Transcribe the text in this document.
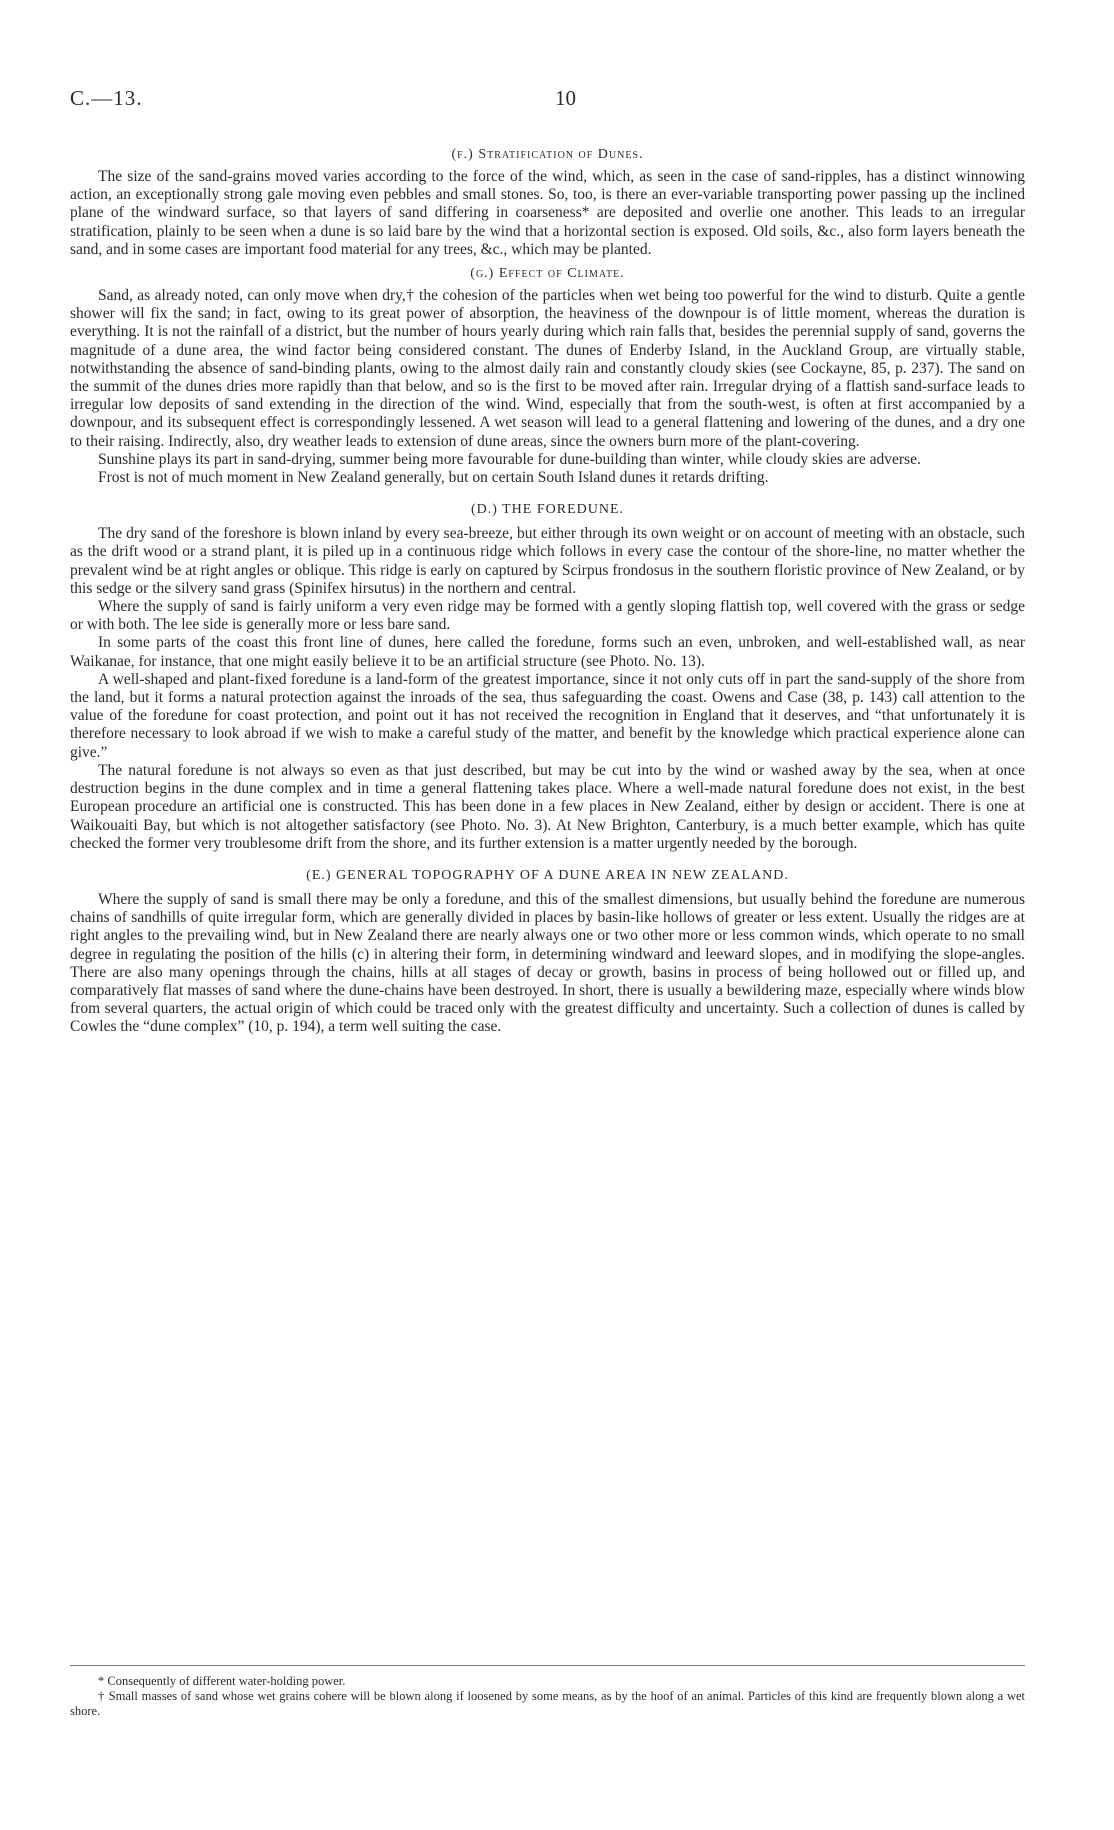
C.—13.	10
(f.) Stratification of Dunes.

The size of the sand-grains moved varies according to the force of the wind, which, as seen in the case of sand-ripples, has a distinct winnowing action, an exceptionally strong gale moving even pebbles and small stones. So, too, is there an ever-variable transporting power passing up the inclined plane of the windward surface, so that layers of sand differing in coarseness* are deposited and overlie one another. This leads to an irregular stratification, plainly to be seen when a dune is so laid bare by the wind that a horizontal section is exposed. Old soils, &c., also form layers beneath the sand, and in some cases are important food material for any trees, &c., which may be planted.

(g.) Effect of Climate.

Sand, as already noted, can only move when dry,† the cohesion of the particles when wet being too powerful for the wind to disturb. Quite a gentle shower will fix the sand; in fact, owing to its great power of absorption, the heaviness of the downpour is of little moment, whereas the duration is everything. It is not the rainfall of a district, but the number of hours yearly during which rain falls that, besides the perennial supply of sand, governs the magnitude of a dune area, the wind factor being considered constant. The dunes of Enderby Island, in the Auckland Group, are virtually stable, notwithstanding the absence of sand-binding plants, owing to the almost daily rain and constantly cloudy skies (see Cockayne, 85, p. 237). The sand on the summit of the dunes dries more rapidly than that below, and so is the first to be moved after rain. Irregular drying of a flattish sand-surface leads to irregular low deposits of sand extending in the direction of the wind. Wind, especially that from the south-west, is often at first accompanied by a downpour, and its subsequent effect is correspondingly lessened. A wet season will lead to a general flattening and lowering of the dunes, and a dry one to their raising. Indirectly, also, dry weather leads to extension of dune areas, since the owners burn more of the plant-covering.

Sunshine plays its part in sand-drying, summer being more favourable for dune-building than winter, while cloudy skies are adverse.

Frost is not of much moment in New Zealand generally, but on certain South Island dunes it retards drifting.

(D.) THE FOREDUNE.

The dry sand of the foreshore is blown inland by every sea-breeze, but either through its own weight or on account of meeting with an obstacle, such as the drift wood or a strand plant, it is piled up in a continuous ridge which follows in every case the contour of the shore-line, no matter whether the prevalent wind be at right angles or oblique. This ridge is early on captured by Scirpus frondosus in the southern floristic province of New Zealand, or by this sedge or the silvery sand grass (Spinifex hirsutus) in the northern and central.

Where the supply of sand is fairly uniform a very even ridge may be formed with a gently sloping flattish top, well covered with the grass or sedge or with both. The lee side is generally more or less bare sand.

In some parts of the coast this front line of dunes, here called the foredune, forms such an even, unbroken, and well-established wall, as near Waikanae, for instance, that one might easily believe it to be an artificial structure (see Photo. No. 13).

A well-shaped and plant-fixed foredune is a land-form of the greatest importance, since it not only cuts off in part the sand-supply of the shore from the land, but it forms a natural protection against the inroads of the sea, thus safeguarding the coast. Owens and Case (38, p. 143) call attention to the value of the foredune for coast protection, and point out it has not received the recognition in England that it deserves, and “that unfortunately it is therefore necessary to look abroad if we wish to make a careful study of the matter, and benefit by the knowledge which practical experience alone can give.”

The natural foredune is not always so even as that just described, but may be cut into by the wind or washed away by the sea, when at once destruction begins in the dune complex and in time a general flattening takes place. Where a well-made natural foredune does not exist, in the best European procedure an artificial one is constructed. This has been done in a few places in New Zealand, either by design or accident. There is one at Waikouaiti Bay, but which is not altogether satisfactory (see Photo. No. 3). At New Brighton, Canterbury, is a much better example, which has quite checked the former very troublesome drift from the shore, and its further extension is a matter urgently needed by the borough.

(E.) GENERAL TOPOGRAPHY OF A DUNE AREA IN NEW ZEALAND.

Where the supply of sand is small there may be only a foredune, and this of the smallest dimensions, but usually behind the foredune are numerous chains of sandhills of quite irregular form, which are generally divided in places by basin-like hollows of greater or less extent. Usually the ridges are at right angles to the prevailing wind, but in New Zealand there are nearly always one or two other more or less common winds, which operate to no small degree in regulating the position of the hills (c) in altering their form, in determining windward and leeward slopes, and in modifying the slope-angles. There are also many openings through the chains, hills at all stages of decay or growth, basins in process of being hollowed out or filled up, and comparatively flat masses of sand where the dune-chains have been destroyed. In short, there is usually a bewildering maze, especially where winds blow from several quarters, the actual origin of which could be traced only with the greatest difficulty and uncertainty. Such a collection of dunes is called by Cowles the “dune complex” (10, p. 194), a term well suiting the case.

* Consequently of different water-holding power.

† Small masses of sand whose wet grains cohere will be blown along if loosened by some means, as by the hoof of an animal. Particles of this kind are frequently blown along a wet shore.
